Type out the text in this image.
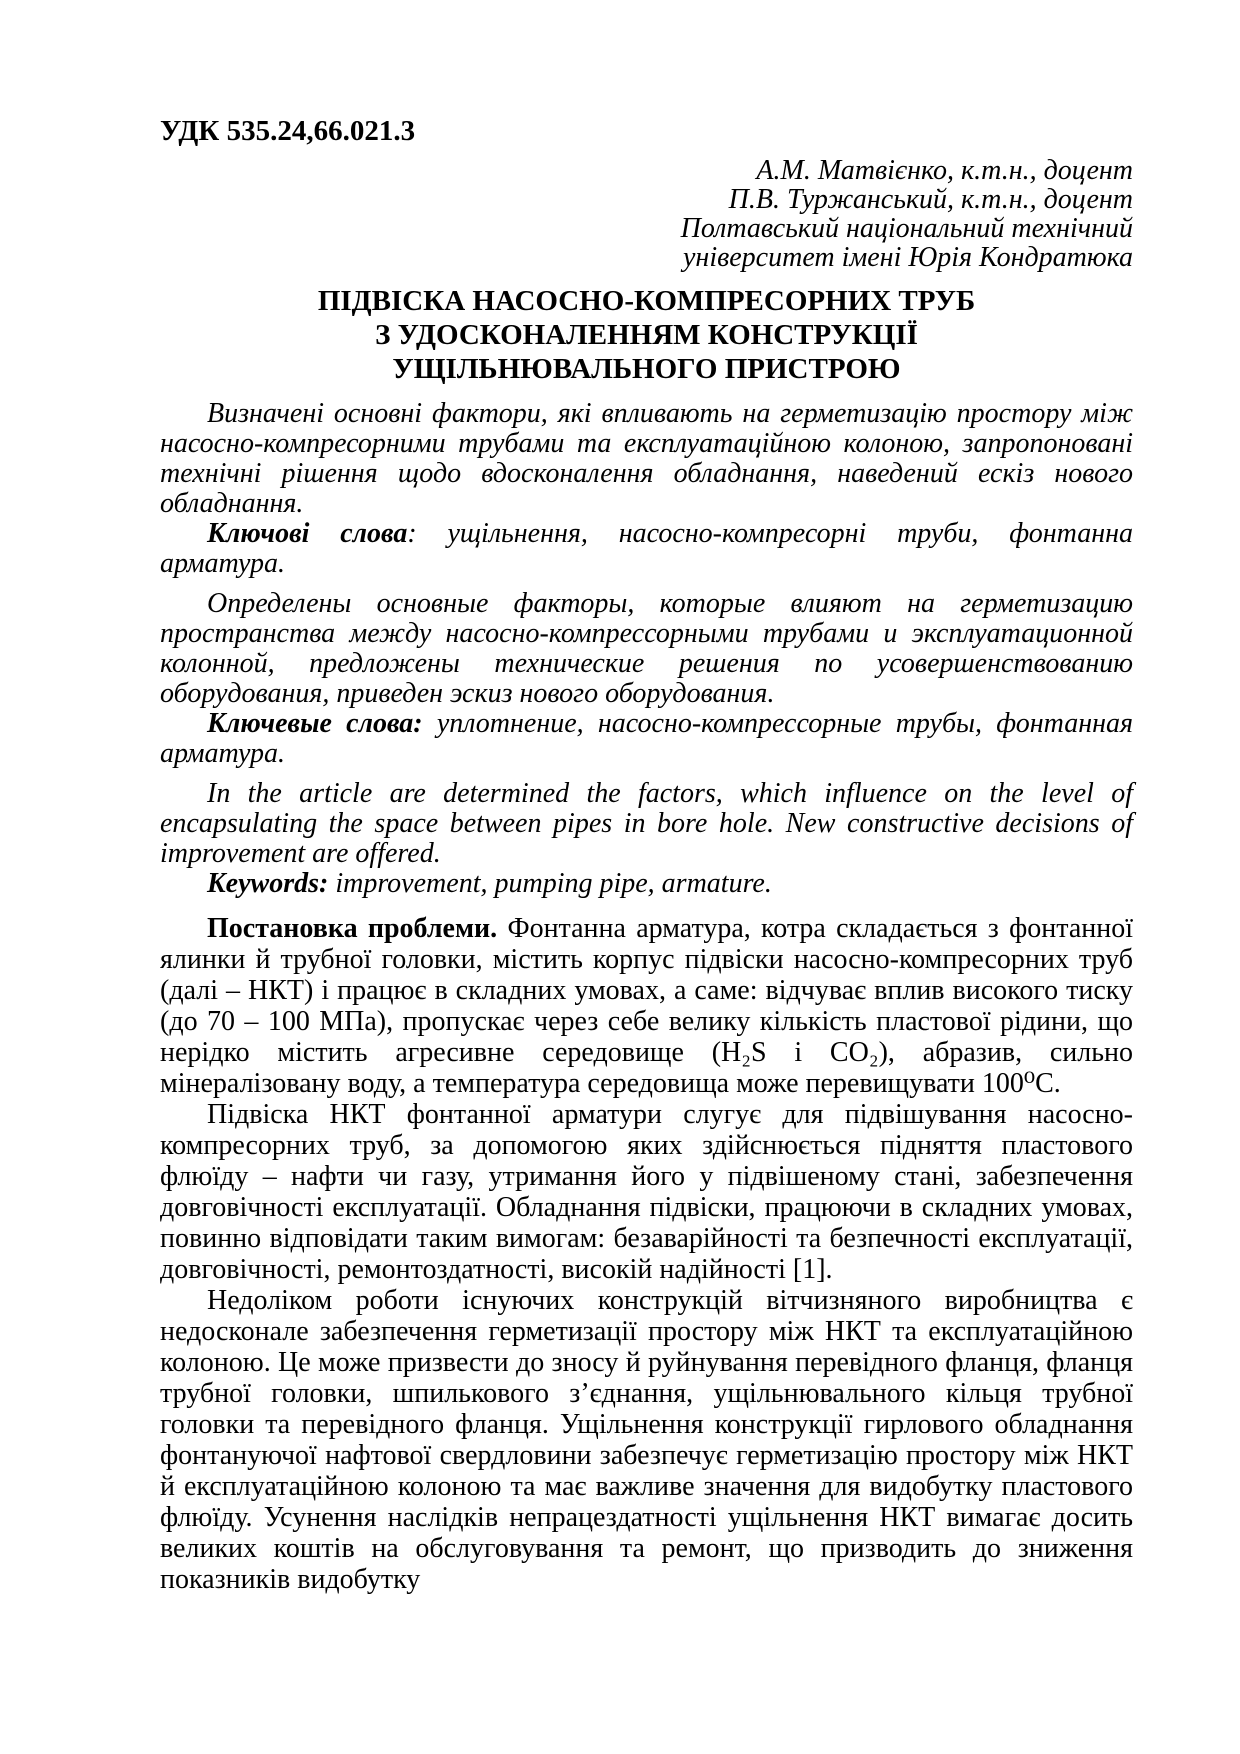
УДК 535.24,66.021.3

А.М. Матвієнко, к.т.н., доцент

П.В. Туржанський, к.т.н., доцент

Полтавський національний технічний

університет імені Юрія Кондратюка

ПІДВІСКА НАСОСНО-КОМПРЕСОРНИХ ТРУБ
З УДОСКОНАЛЕННЯМ КОНСТРУКЦІЇ
УЩІЛЬНЮВАЛЬНОГО ПРИСТРОЮ

Визначені основні фактори, які впливають на герметизацію простору між насосно-компресорними трубами та експлуатаційною колоною, запропоновані технічні рішення щодо вдосконалення обладнання, наведений ескіз нового обладнання.

Ключові слова: ущільнення, насосно-компресорні труби, фонтанна арматура.

Определены основные факторы, которые влияют на герметизацию пространства между насосно-компрессорными трубами и эксплуатационной колонной, предложены технические решения по усовершенствованию оборудования, приведен эскиз нового оборудования.

Ключевые слова: уплотнение, насосно-компрессорные трубы, фонтанная арматура.

In the article are determined the factors, which influence on the level of encapsulating the space between pipes in bore hole. New constructive decisions of improvement are offered.

Keywords: improvement, pumping pipe, armature.

Постановка проблеми. Фонтанна арматура, котра складається з фонтанної ялинки й трубної головки, містить корпус підвіски насосно-компресорних труб (далі – НКТ) і працює в складних умовах, а саме: відчуває вплив високого тиску (до 70 – 100 МПа), пропускає через себе велику кількість пластової рідини, що нерідко містить агресивне середовище (H₂S і CO₂), абразив, сильно мінералізовану воду, а температура середовища може перевищувати 100⁰С.

Підвіска НКТ фонтанної арматури слугує для підвішування насосно-компресорних труб, за допомогою яких здійснюється підняття пластового флюїду – нафти чи газу, утримання його у підвішеному стані, забезпечення довговічності експлуатації. Обладнання підвіски, працюючи в складних умовах, повинно відповідати таким вимогам: безаварійності та безпечності експлуатації, довговічності, ремонтоздатності, високій надійності [1].

Недоліком роботи існуючих конструкцій вітчизняного виробництва є недосконале забезпечення герметизації простору між НКТ та експлуатаційною колоною. Це може призвести до зносу й руйнування перевідного фланця, фланця трубної головки, шпилькового з’єднання, ущільнювального кільця трубної головки та перевідного фланця. Ущільнення конструкції гирлового обладнання фонтануючої нафтової свердловини забезпечує герметизацію простору між НКТ й експлуатаційною колоною та має важливе значення для видобутку пластового флюїду. Усунення наслідків непрацездатності ущільнення НКТ вимагає досить великих коштів на обслуговування та ремонт, що призводить до зниження показників видобутку
